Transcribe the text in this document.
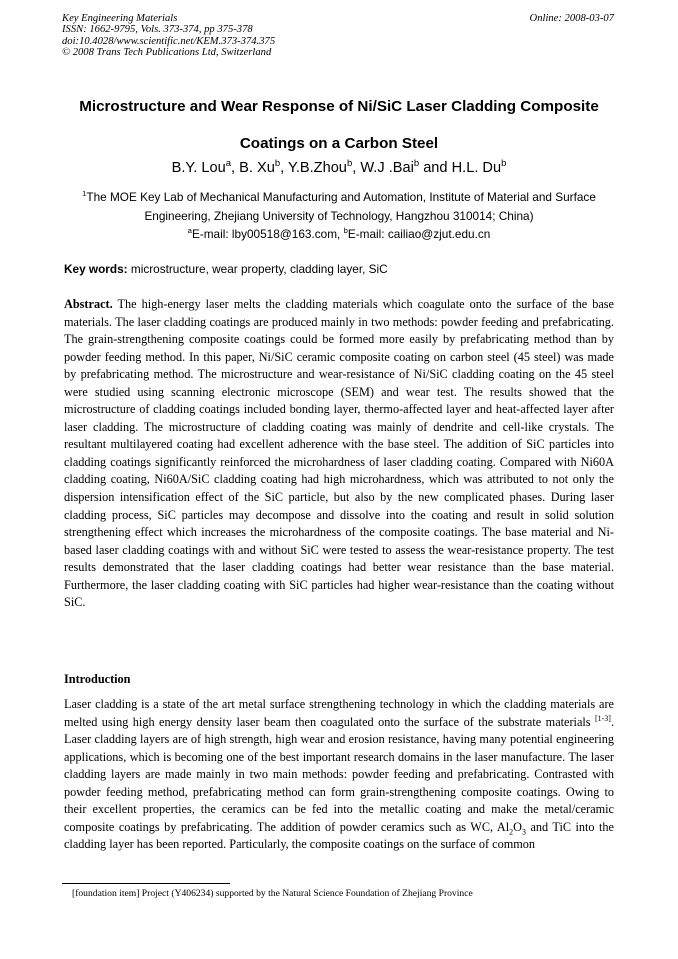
Key Engineering Materials
ISSN: 1662-9795, Vols. 373-374, pp 375-378
doi:10.4028/www.scientific.net/KEM.373-374.375
© 2008 Trans Tech Publications Ltd, Switzerland
Online: 2008-03-07
Microstructure and Wear Response of Ni/SiC Laser Cladding Composite
Coatings on a Carbon Steel
B.Y. Lou$^a$, B. Xu$^b$, Y.B.Zhou$^b$, W.J .Bai$^b$ and H.L. Du$^b$
$^1$The MOE Key Lab of Mechanical Manufacturing and Automation, Institute of Material and Surface
Engineering, Zhejiang University of Technology, Hangzhou 310014; China)
$^a$E-mail: lby00518@163.com, $^b$E-mail: cailiao@zjut.edu.cn
Key words: microstructure, wear property, cladding layer, SiC
Abstract. The high-energy laser melts the cladding materials which coagulate onto the surface of the base materials. The laser cladding coatings are produced mainly in two methods: powder feeding and prefabricating. The grain-strengthening composite coatings could be formed more easily by prefabricating method than by powder feeding method. In this paper, Ni/SiC ceramic composite coating on carbon steel (45 steel) was made by prefabricating method. The microstructure and wear-resistance of Ni/SiC cladding coating on the 45 steel were studied using scanning electronic microscope (SEM) and wear test. The results showed that the microstructure of cladding coatings included bonding layer, thermo-affected layer and heat-affected layer after laser cladding. The microstructure of cladding coating was mainly of dendrite and cell-like crystals. The resultant multilayered coating had excellent adherence with the base steel. The addition of SiC particles into cladding coatings significantly reinforced the microhardness of laser cladding coating. Compared with Ni60A cladding coating, Ni60A/SiC cladding coating had high microhardness, which was attributed to not only the dispersion intensification effect of the SiC particle, but also by the new complicated phases. During laser cladding process, SiC particles may decompose and dissolve into the coating and result in solid solution strengthening effect which increases the microhardness of the composite coatings. The base material and Ni-based laser cladding coatings with and without SiC were tested to assess the wear-resistance property. The test results demonstrated that the laser cladding coatings had better wear resistance than the base material. Furthermore, the laser cladding coating with SiC particles had higher wear-resistance than the coating without SiC.
Introduction
Laser cladding is a state of the art metal surface strengthening technology in which the cladding materials are melted using high energy density laser beam then coagulated onto the surface of the substrate materials [1-3]. Laser cladding layers are of high strength, high wear and erosion resistance, having many potential engineering applications, which is becoming one of the best important research domains in the laser manufacture. The laser cladding layers are made mainly in two main methods: powder feeding and prefabricating. Contrasted with powder feeding method, prefabricating method can form grain-strengthening composite coatings. Owing to their excellent properties, the ceramics can be fed into the metallic coating and make the metal/ceramic composite coatings by prefabricating. The addition of powder ceramics such as WC, $Al_2O_3$ and TiC into the cladding layer has been reported. Particularly, the composite coatings on the surface of common
[foundation item] Project (Y406234) supported by the Natural Science Foundation of Zhejiang Province
